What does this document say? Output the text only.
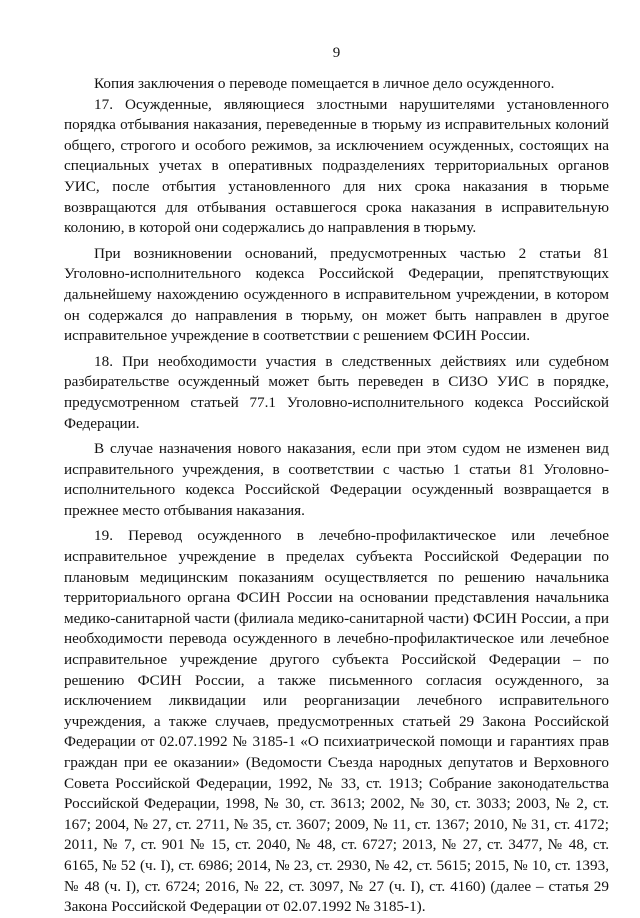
9

Копия заключения о переводе помещается в личное дело осужденного.

17. Осужденные, являющиеся злостными нарушителями установленного порядка отбывания наказания, переведенные в тюрьму из исправительных колоний общего, строгого и особого режимов, за исключением осужденных, состоящих на специальных учетах в оперативных подразделениях территориальных органов УИС, после отбытия установленного для них срока наказания в тюрьме возвращаются для отбывания оставшегося срока наказания в исправительную колонию, в которой они содержались до направления в тюрьму.

При возникновении оснований, предусмотренных частью 2 статьи 81 Уголовно-исполнительного кодекса Российской Федерации, препятствующих дальнейшему нахождению осужденного в исправительном учреждении, в котором он содержался до направления в тюрьму, он может быть направлен в другое исправительное учреждение в соответствии с решением ФСИН России.

18. При необходимости участия в следственных действиях или судебном разбирательстве осужденный может быть переведен в СИЗО УИС в порядке, предусмотренном статьей 77.1 Уголовно-исполнительного кодекса Российской Федерации.

В случае назначения нового наказания, если при этом судом не изменен вид исправительного учреждения, в соответствии с частью 1 статьи 81 Уголовно-исполнительного кодекса Российской Федерации осужденный возвращается в прежнее место отбывания наказания.

19. Перевод осужденного в лечебно-профилактическое или лечебное исправительное учреждение в пределах субъекта Российской Федерации по плановым медицинским показаниям осуществляется по решению начальника территориального органа ФСИН России на основании представления начальника медико-санитарной части (филиала медико-санитарной части) ФСИН России, а при необходимости перевода осужденного в лечебно-профилактическое или лечебное исправительное учреждение другого субъекта Российской Федерации – по решению ФСИН России, а также письменного согласия осужденного, за исключением ликвидации или реорганизации лечебного исправительного учреждения, а также случаев, предусмотренных статьей 29 Закона Российской Федерации от 02.07.1992 № 3185-1 «О психиатрической помощи и гарантиях прав граждан при ее оказании» (Ведомости Съезда народных депутатов и Верховного Совета Российской Федерации, 1992, № 33, ст. 1913; Собрание законодательства Российской Федерации, 1998, № 30, ст. 3613; 2002, № 30, ст. 3033; 2003, № 2, ст. 167; 2004, № 27, ст. 2711, № 35, ст. 3607; 2009, № 11, ст. 1367; 2010, № 31, ст. 4172; 2011, № 7, ст. 901 № 15, ст. 2040, № 48, ст. 6727; 2013, № 27, ст. 3477, № 48, ст. 6165, № 52 (ч. I), ст. 6986; 2014, № 23, ст. 2930, № 42, ст. 5615; 2015, № 10, ст. 1393, № 48 (ч. I), ст. 6724; 2016, № 22, ст. 3097, № 27 (ч. I), ст. 4160) (далее – статья 29 Закона Российской Федерации от 02.07.1992 № 3185-1).
